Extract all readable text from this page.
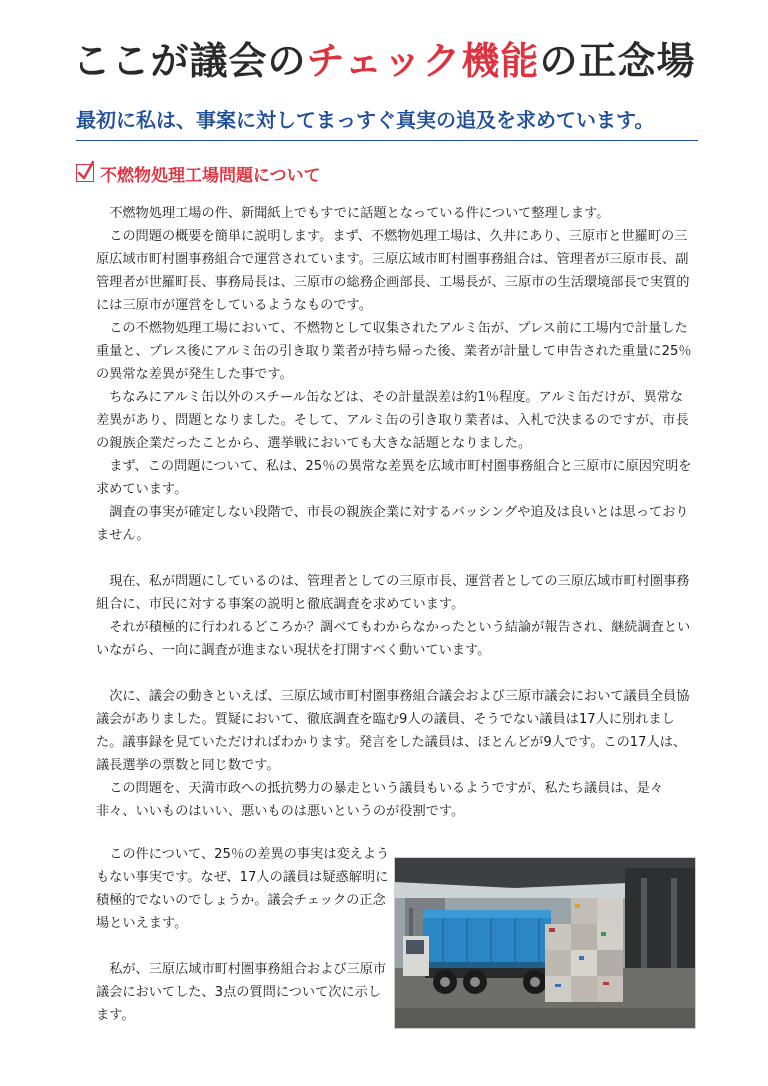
ここが議会のチェック機能の正念場
最初に私は、事案に対してまっすぐ真実の追及を求めています。
不燃物処理工場問題について

不燃物処理工場の件、新聞紙上でもすでに話題となっている件について整理します。

この問題の概要を簡単に説明します。まず、不燃物処理工場は、久井にあり、三原市と世羅町の三原広域市町村圏事務組合で運営されています。三原広域市町村圏事務組合は、管理者が三原市長、副管理者が世羅町長、事務局長は、三原市の総務企画部長、工場長が、三原市の生活環境部長で実質的には三原市が運営をしているようなものです。

この不燃物処理工場において、不燃物として収集されたアルミ缶が、プレス前に工場内で計量した重量と、プレス後にアルミ缶の引き取り業者が持ち帰った後、業者が計量して申告された重量に25％の異常な差異が発生した事です。

ちなみにアルミ缶以外のスチール缶などは、その計量誤差は約1％程度。アルミ缶だけが、異常な差異があり、問題となりました。そして、アルミ缶の引き取り業者は、入札で決まるのですが、市長の親族企業だったことから、選挙戦においても大きな話題となりました。

まず、この問題について、私は、25％の異常な差異を広域市町村圏事務組合と三原市に原因究明を求めています。

調査の事実が確定しない段階で、市長の親族企業に対するバッシングや追及は良いとは思っておりません。

現在、私が問題にしているのは、管理者としての三原市長、運営者としての三原広域市町村圏事務組合に、市民に対する事案の説明と徹底調査を求めています。

それが積極的に行われるどころか？調べてもわからなかったという結論が報告され、継続調査といいながら、一向に調査が進まない現状を打開すべく動いています。

次に、議会の動きといえば、三原広域市町村圏事務組合議会および三原市議会において議員全員協議会がありました。質疑において、徹底調査を臨む9人の議員、そうでない議員は17人に別れました。議事録を見ていただければわかります。発言をした議員は、ほとんどが9人です。この17人は、議長選挙の票数と同じ数です。

この問題を、天満市政への抵抗勢力の暴走という議員もいるようですが、私たち議員は、是々非々、いいものはいい、悪いものは悪いというのが役割です。

この件について、25％の差異の事実は変えようもない事実です。なぜ、17人の議員は疑惑解明に積極的でないのでしょうか。議会チェックの正念場といえます。

私が、三原広域市町村圏事務組合および三原市議会においてした、3点の質問について次に示します。
